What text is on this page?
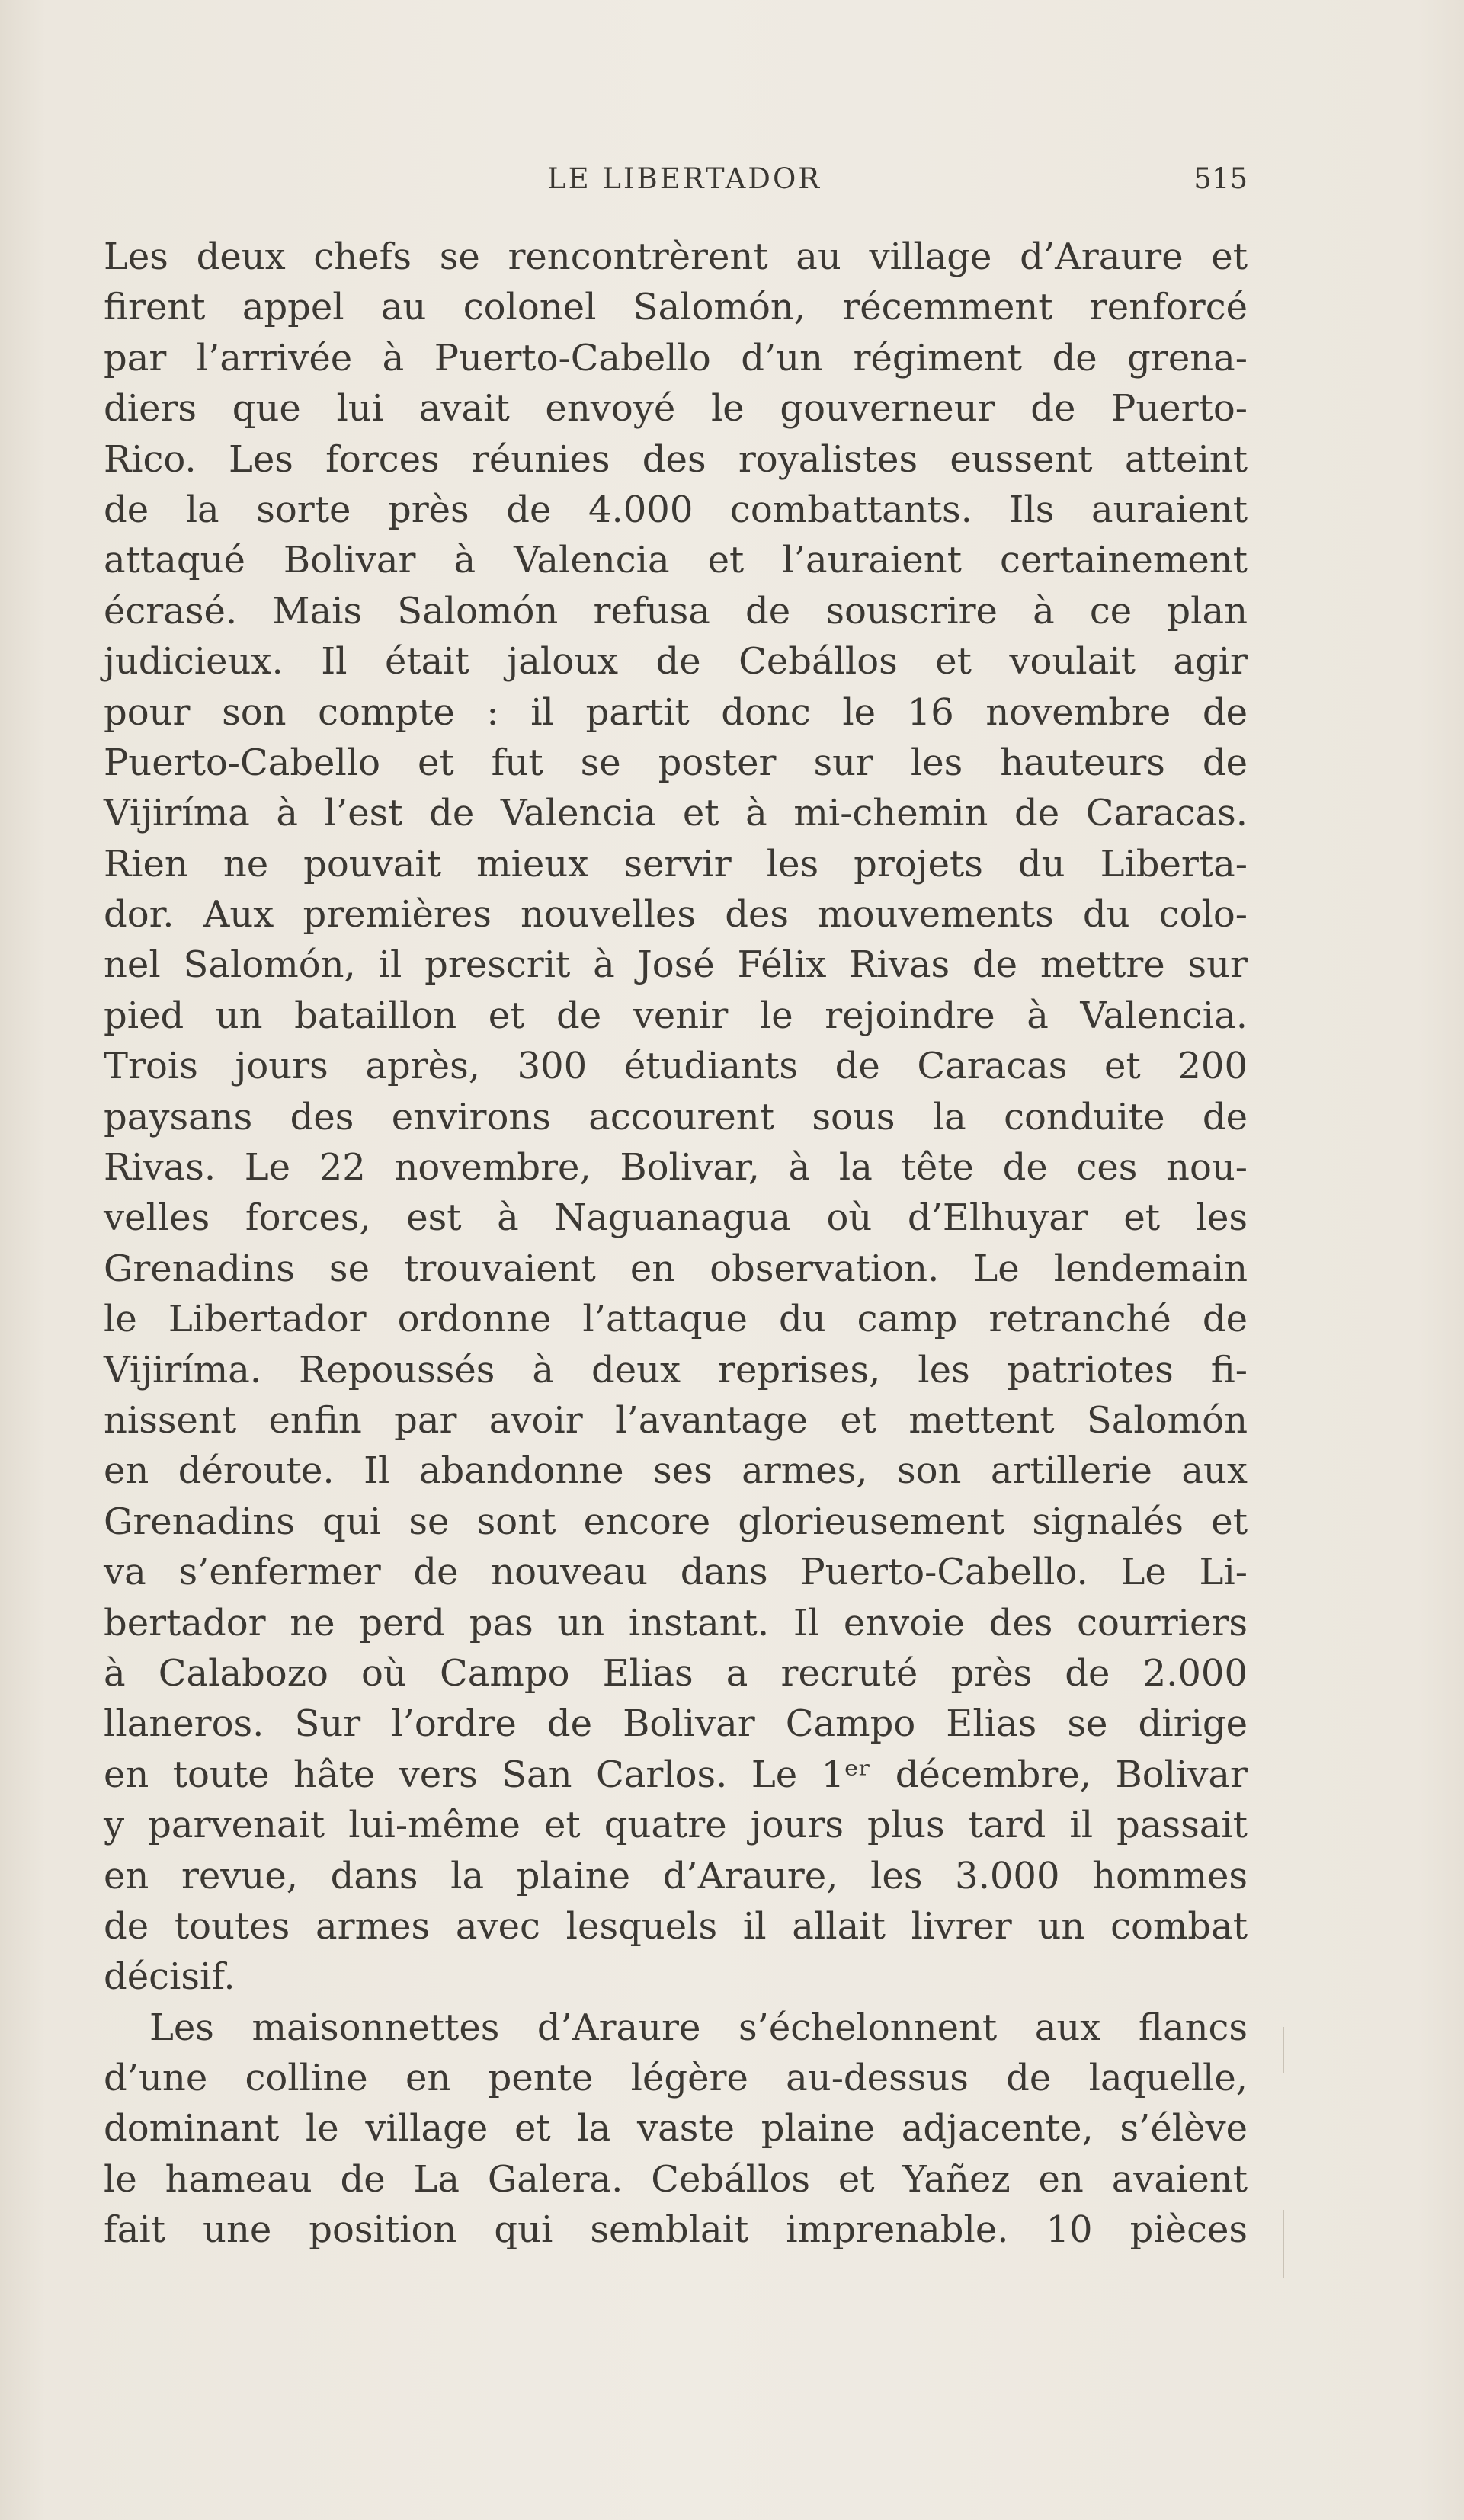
LE LIBERTADOR	515
Les deux chefs se rencontrèrent au village d’Araure et
firent appel au colonel Salomón, récemment renforcé
par l’arrivée à Puerto-Cabello d’un régiment de grena-
diers que lui avait envoyé le gouverneur de Puerto-
Rico. Les forces réunies des royalistes eussent atteint
de la sorte près de 4.000 combattants. Ils auraient
attaqué Bolivar à Valencia et l’auraient certainement
écrasé. Mais Salomón refusa de souscrire à ce plan
judicieux. Il était jaloux de Cebállos et voulait agir
pour son compte : il partit donc le 16 novembre de
Puerto-Cabello et fut se poster sur les hauteurs de
Vijiríma à l’est de Valencia et à mi-chemin de Caracas.
Rien ne pouvait mieux servir les projets du Liberta-
dor. Aux premières nouvelles des mouvements du colo-
nel Salomón, il prescrit à José Félix Rivas de mettre sur
pied un bataillon et de venir le rejoindre à Valencia.
Trois jours après, 300 étudiants de Caracas et 200
paysans des environs accourent sous la conduite de
Rivas. Le 22 novembre, Bolivar, à la tête de ces nou-
velles forces, est à Naguanagua où d’Elhuyar et les
Grenadins se trouvaient en observation. Le lendemain
le Libertador ordonne l’attaque du camp retranché de
Vijiríma. Repoussés à deux reprises, les patriotes fi-
nissent enfin par avoir l’avantage et mettent Salomón
en déroute. Il abandonne ses armes, son artillerie aux
Grenadins qui se sont encore glorieusement signalés et
va s’enfermer de nouveau dans Puerto-Cabello. Le Li-
bertador ne perd pas un instant. Il envoie des courriers
à Calabozo où Campo Elias a recruté près de 2.000
llaneros. Sur l’ordre de Bolivar Campo Elias se dirige
en toute hâte vers San Carlos. Le 1ᵉʳ décembre, Bolivar
y parvenait lui-même et quatre jours plus tard il passait
en revue, dans la plaine d’Araure, les 3.000 hommes
de toutes armes avec lesquels il allait livrer un combat
décisif.
Les maisonnettes d’Araure s’échelonnent aux flancs
d’une colline en pente légère au-dessus de laquelle,
dominant le village et la vaste plaine adjacente, s’élève
le hameau de La Galera. Cebállos et Yañez en avaient
fait une position qui semblait imprenable. 10 pièces
